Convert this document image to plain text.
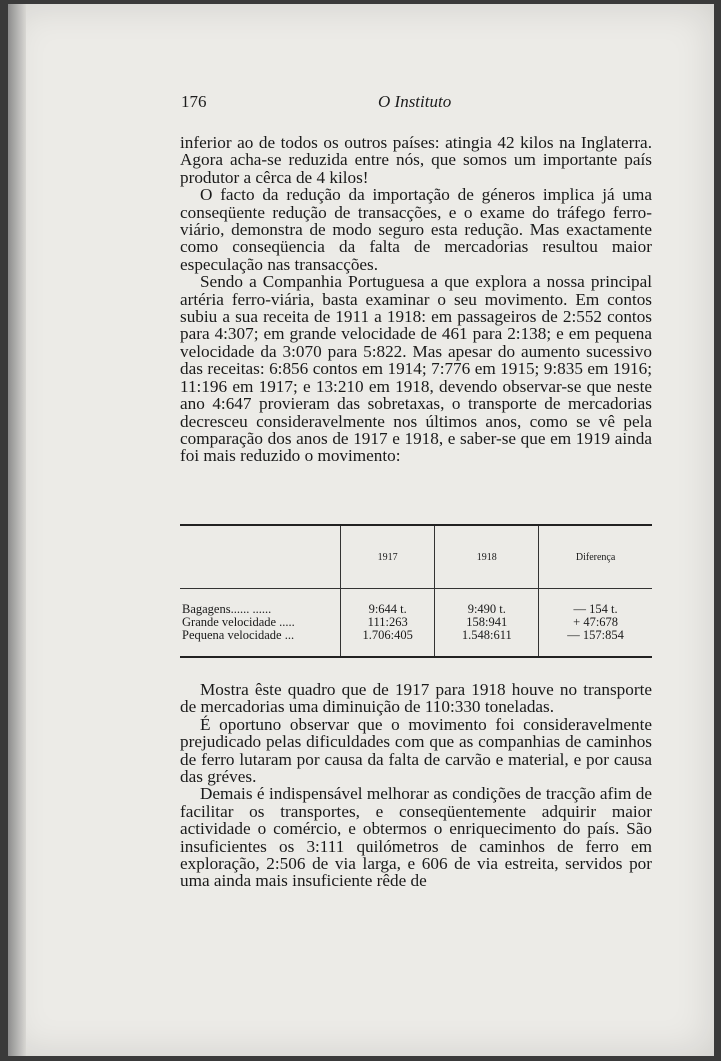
176	O Instituto

inferior ao de todos os outros países: atingia 42 kilos na Inglaterra. Agora acha-se reduzida entre nós, que somos um importante país produtor a cêrca de 4 kilos!

O facto da redução da importação de géneros implica já uma conseqüente redução de transacções, e o exame do tráfego ferro-viário, demonstra de modo seguro esta redução. Mas exactamente como conseqüencia da falta de mercadorias resultou maior especulação nas transacções.

Sendo a Companhia Portuguesa a que explora a nossa principal artéria ferro-viária, basta examinar o seu movimento. Em contos subiu a sua receita de 1911 a 1918: em passageiros de 2:552 contos para 4:307; em grande velocidade de 461 para 2:138; e em pequena velocidade da 3:070 para 5:822. Mas apesar do aumento sucessivo das receitas: 6:856 contos em 1914; 7:776 em 1915; 9:835 em 1916; 11:196 em 1917; e 13:210 em 1918, devendo observar-se que neste ano 4:647 provieram das sobretaxas, o transporte de mercadorias decresceu consideravelmente nos últimos anos, como se vê pela comparação dos anos de 1917 e 1918, e saber-se que em 1919 ainda foi mais reduzido o movimento:

	1917	1918	Diferença
Bagagens...... ......	9:644 t.	9:490 t.	— 154 t.
Grande velocidade .....	111:263	158:941	+ 47:678
Pequena velocidade ...	1.706:405	1.548:611	— 157:854

Mostra êste quadro que de 1917 para 1918 houve no transporte de mercadorias uma diminuição de 110:330 toneladas.

É oportuno observar que o movimento foi consideravelmente prejudicado pelas dificuldades com que as companhias de caminhos de ferro lutaram por causa da falta de carvão e material, e por causa das gréves.

Demais é indispensável melhorar as condições de tracção afim de facilitar os transportes, e conseqüentemente adquirir maior actividade o comércio, e obtermos o enriquecimento do país. São insuficientes os 3:111 quilómetros de caminhos de ferro em exploração, 2:506 de via larga, e 606 de via estreita, servidos por uma ainda mais insuficiente rêde de
